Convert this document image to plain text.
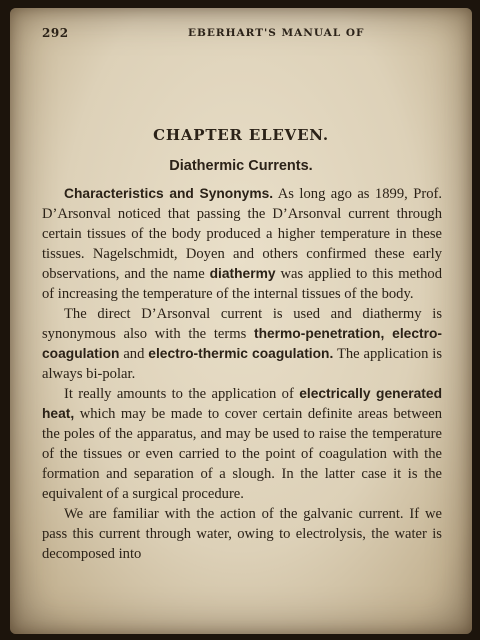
292	EBERHART'S MANUAL OF
CHAPTER ELEVEN.
Diathermic Currents.

Characteristics and Synonyms. As long ago as 1899, Prof. D’Arsonval noticed that passing the D’Arsonval current through certain tissues of the body produced a higher temperature in these tissues. Nagelschmidt, Doyen and others confirmed these early observations, and the name diathermy was applied to this method of increasing the temperature of the internal tissues of the body.

The direct D’Arsonval current is used and diathermy is synonymous also with the terms thermo-penetration, electro-coagulation and electro-thermic coagulation. The application is always bi-polar.

It really amounts to the application of electrically generated heat, which may be made to cover certain definite areas between the poles of the apparatus, and may be used to raise the temperature of the tissues or even carried to the point of coagulation with the formation and separation of a slough. In the latter case it is the equivalent of a surgical procedure.

We are familiar with the action of the galvanic current. If we pass this current through water, owing to electrolysis, the water is decomposed into
